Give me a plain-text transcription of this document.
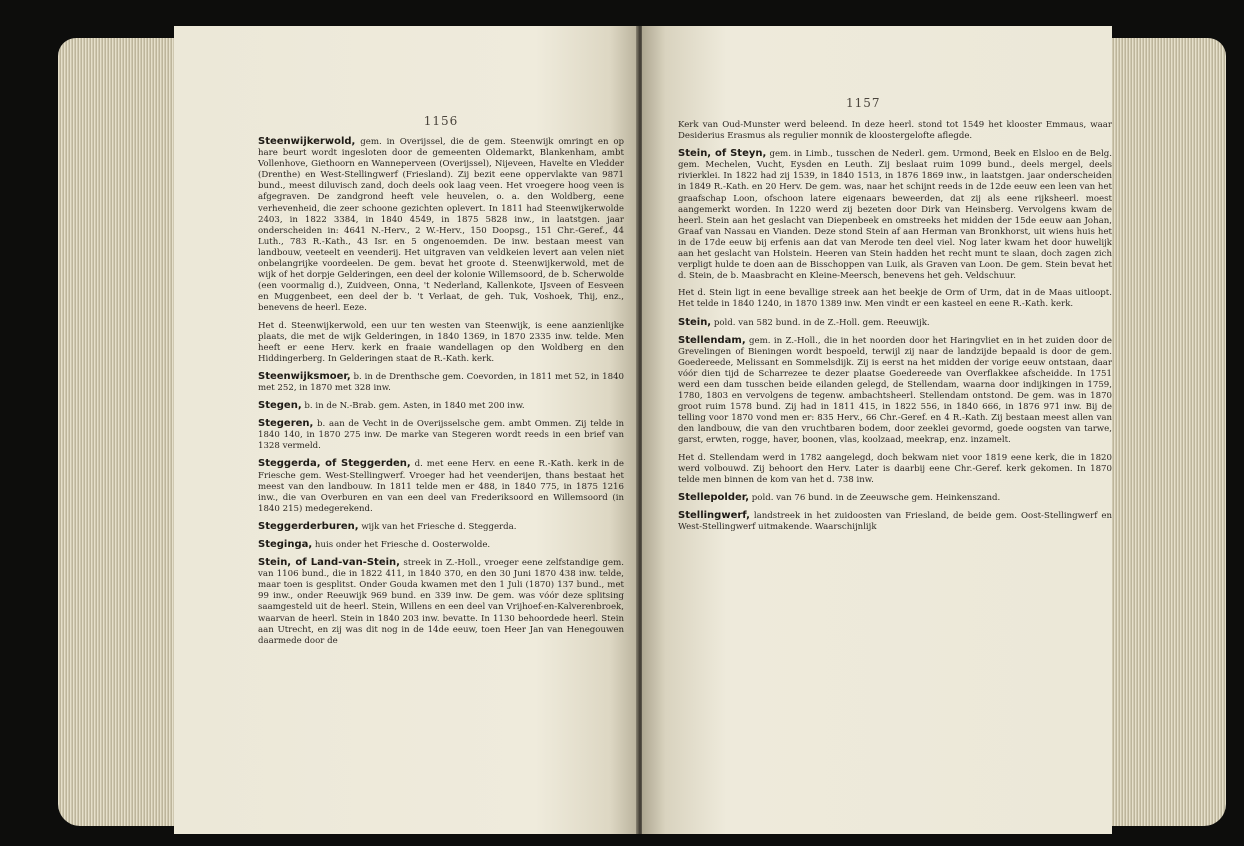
1156

Steenwijkerwold, gem. in Overijssel, die de gem. Steenwijk omringt en op hare beurt wordt ingesloten door de gemeenten Oldemarkt, Blankenham, ambt Vollenhove, Giethoorn en Wanneperveen (Overijssel), Nijeveen, Havelte en Vledder (Drenthe) en West-Stellingwerf (Friesland). Zij bezit eene oppervlakte van 9871 bund., meest diluvisch zand, doch deels ook laag veen. Het vroegere hoog veen is afgegraven. De zandgrond heeft vele heuvelen, o. a. den Woldberg, eene verhevenheid, die zeer schoone gezichten oplevert. In 1811 had Steenwijkerwolde 2403, in 1822 3384, in 1840 4549, in 1875 5828 inw., in laatstgen. jaar onderscheiden in: 4641 N.-Herv., 2 W.-Herv., 150 Doopsg., 151 Chr.-Geref., 44 Luth., 783 R.-Kath., 43 Isr. en 5 ongenoemden. De inw. bestaan meest van landbouw, veeteelt en veenderij. Het uitgraven van veldkeien levert aan velen niet onbelangrijke voordeelen. De gem. bevat het groote d. Steenwijkerwold, met de wijk of het dorpje Gelderingen, een deel der kolonie Willemsoord, de b. Scherwolde (een voormalig d.), Zuidveen, Onna, 't Nederland, Kallenkote, IJsveen of Eesveen en Muggenbeet, een deel der b. 't Verlaat, de geh. Tuk, Voshoek, Thij, enz., benevens de heerl. Eeze.

Het d. Steenwijkerwold, een uur ten westen van Steenwijk, is eene aanzienlijke plaats, die met de wijk Gelderingen, in 1840 1369, in 1870 2335 inw. telde. Men heeft er eene Herv. kerk en fraaie wandellagen op den Woldberg en den Hiddingerberg. In Gelderingen staat de R.-Kath. kerk.

Steenwijksmoer, b. in de Drenthsche gem. Coevorden, in 1811 met 52, in 1840 met 252, in 1870 met 328 inw.

Stegen, b. in de N.-Brab. gem. Asten, in 1840 met 200 inw.

Stegeren, b. aan de Vecht in de Overijsselsche gem. ambt Ommen. Zij telde in 1840 140, in 1870 275 inw. De marke van Stegeren wordt reeds in een brief van 1328 vermeld.

Steggerda, of Steggerden, d. met eene Herv. en eene R.-Kath. kerk in de Friesche gem. West-Stellingwerf. Vroeger had het veenderijen, thans bestaat het meest van den landbouw. In 1811 telde men er 488, in 1840 775, in 1875 1216 inw., die van Overburen en van een deel van Frederiksoord en Willemsoord (in 1840 215) medegerekend.

Steggerderburen, wijk van het Friesche d. Steggerda.

Steginga, huis onder het Friesche d. Oosterwolde.

Stein, of Land-van-Stein, streek in Z.-Holl., vroeger eene zelfstandige gem. van 1106 bund., die in 1822 411, in 1840 370, en den 30 Juni 1870 438 inw. telde, maar toen is gesplitst. Onder Gouda kwamen met den 1 Juli (1870) 137 bund., met 99 inw., onder Reeuwijk 969 bund. en 339 inw. De gem. was vóór deze splitsing saamgesteld uit de heerl. Stein, Willens en een deel van Vrijhoef-en-Kalverenbroek, waarvan de heerl. Stein in 1840 203 inw. bevatte. In 1130 behoordede heerl. Stein aan Utrecht, en zij was dit nog in de 14de eeuw, toen Heer Jan van Henegouwen daarmede door de

1157

Kerk van Oud-Munster werd beleend. In deze heerl. stond tot 1549 het klooster Emmaus, waar Desiderius Erasmus als regulier monnik de kloostergelofte aflegde.

Stein, of Steyn, gem. in Limb., tusschen de Nederl. gem. Urmond, Beek en Elsloo en de Belg. gem. Mechelen, Vucht, Eysden en Leuth. Zij beslaat ruim 1099 bund., deels mergel, deels rivierklei. In 1822 had zij 1539, in 1840 1513, in 1876 1869 inw., in laatstgen. jaar onderscheiden in 1849 R.-Kath. en 20 Herv. De gem. was, naar het schijnt reeds in de 12de eeuw een leen van het graafschap Loon, ofschoon latere eigenaars beweerden, dat zij als eene rijksheerl. moest aangemerkt worden. In 1220 werd zij bezeten door Dirk van Heinsberg. Vervolgens kwam de heerl. Stein aan het geslacht van Diepenbeek en omstreeks het midden der 15de eeuw aan Johan, Graaf van Nassau en Vianden. Deze stond Stein af aan Herman van Bronkhorst, uit wiens huis het in de 17de eeuw bij erfenis aan dat van Merode ten deel viel. Nog later kwam het door huwelijk aan het geslacht van Holstein. Heeren van Stein hadden het recht munt te slaan, doch zagen zich verpligt hulde te doen aan de Bisschoppen van Luik, als Graven van Loon. De gem. Stein bevat het d. Stein, de b. Maasbracht en Kleine-Meersch, benevens het geh. Veldschuur.

Het d. Stein ligt in eene bevallige streek aan het beekje de Orm of Urm, dat in de Maas uitloopt. Het telde in 1840 1240, in 1870 1389 inw. Men vindt er een kasteel en eene R.-Kath. kerk.

Stein, pold. van 582 bund. in de Z.-Holl. gem. Reeuwijk.

Stellendam, gem. in Z.-Holl., die in het noorden door het Haringvliet en in het zuiden door de Grevelingen of Bieningen wordt bespoeld, terwijl zij naar de landzijde bepaald is door de gem. Goedereede, Melissant en Sommelsdijk. Zij is eerst na het midden der vorige eeuw ontstaan, daar vóór dien tijd de Scharrezee te dezer plaatse Goedereede van Overflakkee afscheidde. In 1751 werd een dam tusschen beide eilanden gelegd, de Stellendam, waarna door indijkingen in 1759, 1780, 1803 en vervolgens de tegenw. ambachtsheerl. Stellendam ontstond. De gem. was in 1870 groot ruim 1578 bund. Zij had in 1811 415, in 1822 556, in 1840 666, in 1876 971 inw. Bij de telling voor 1870 vond men er: 835 Herv., 66 Chr.-Geref. en 4 R.-Kath. Zij bestaan meest allen van den landbouw, die van den vruchtbaren bodem, door zeeklei gevormd, goede oogsten van tarwe, garst, erwten, rogge, haver, boonen, vlas, koolzaad, meekrap, enz. inzamelt.

Het d. Stellendam werd in 1782 aangelegd, doch bekwam niet voor 1819 eene kerk, die in 1820 werd volbouwd. Zij behoort den Herv. Later is daarbij eene Chr.-Geref. kerk gekomen. In 1870 telde men binnen de kom van het d. 738 inw.

Stellepolder, pold. van 76 bund. in de Zeeuwsche gem. Heinkenszand.

Stellingwerf, landstreek in het zuidoosten van Friesland, de beide gem. Oost-Stellingwerf en West-Stellingwerf uitmakende. Waarschijnlijk
